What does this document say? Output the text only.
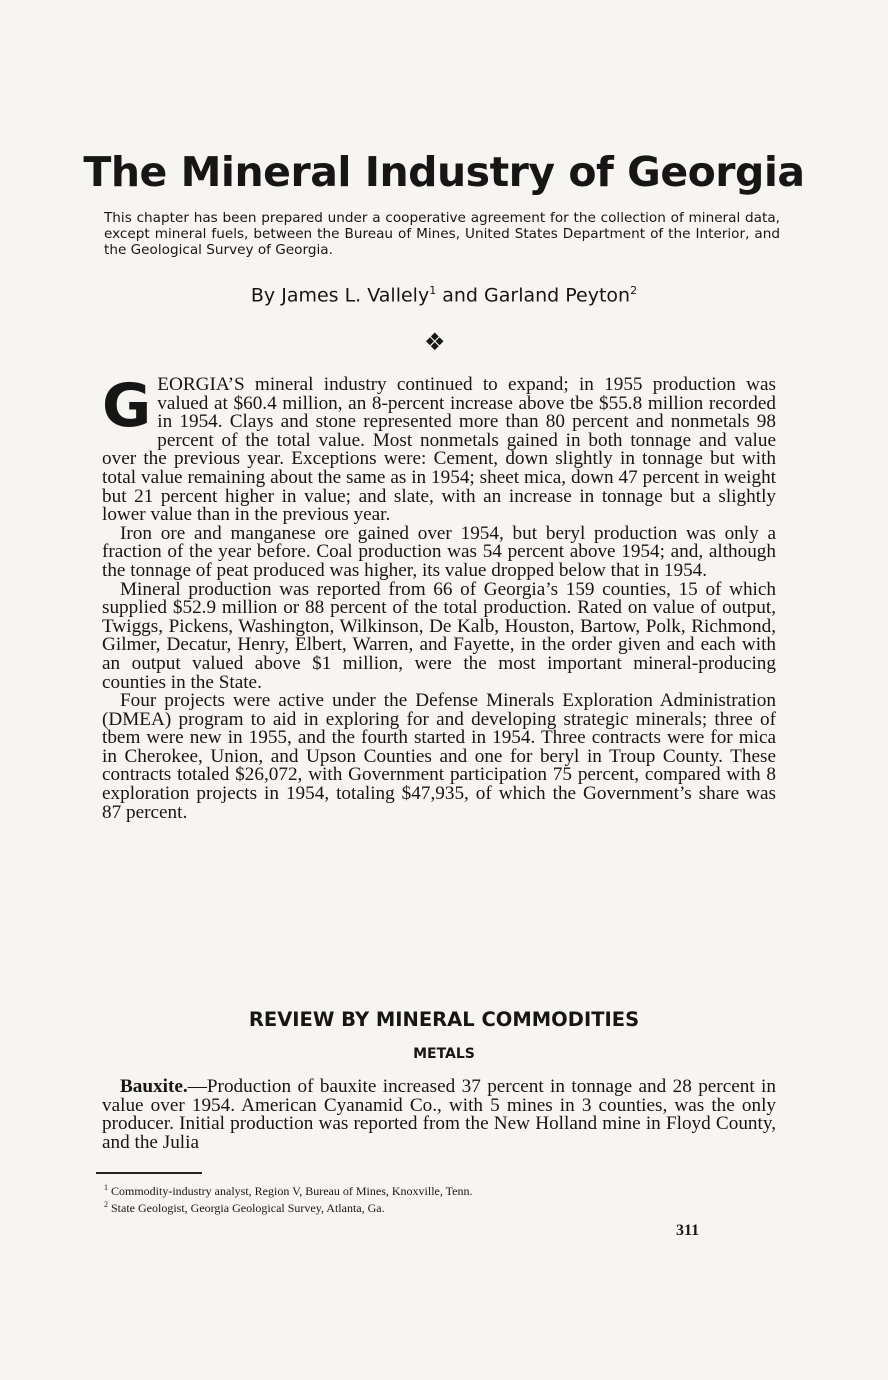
The Mineral Industry of Georgia

This chapter has been prepared under a cooperative agreement for the collection of mineral data, except mineral fuels, between the Bureau of Mines, United States Department of the Interior, and the Geological Survey of Georgia.

By James L. Vallely$^1$ and Garland Peyton$^2$

❖

GEORGIA’S mineral industry continued to expand; in 1955 production was valued at $60.4 million, an 8-percent increase above tbe $55.8 million recorded in 1954. Clays and stone represented more than 80 percent and nonmetals 98 percent of the total value. Most nonmetals gained in both tonnage and value over the previous year. Exceptions were: Cement, down slightly in tonnage but with total value remaining about the same as in 1954; sheet mica, down 47 percent in weight but 21 percent higher in value; and slate, with an increase in tonnage but a slightly lower value than in the previous year.

Iron ore and manganese ore gained over 1954, but beryl production was only a fraction of the year before. Coal production was 54 percent above 1954; and, although the tonnage of peat produced was higher, its value dropped below that in 1954.

Mineral production was reported from 66 of Georgia’s 159 counties, 15 of which supplied $52.9 million or 88 percent of the total production. Rated on value of output, Twiggs, Pickens, Washington, Wilkinson, De Kalb, Houston, Bartow, Polk, Richmond, Gilmer, Decatur, Henry, Elbert, Warren, and Fayette, in the order given and each with an output valued above $1 million, were the most important mineral-producing counties in the State.

Four projects were active under the Defense Minerals Exploration Administration (DMEA) program to aid in exploring for and developing strategic minerals; three of tbem were new in 1955, and the fourth started in 1954. Three contracts were for mica in Cherokee, Union, and Upson Counties and one for beryl in Troup County. These contracts totaled $26,072, with Government participation 75 percent, compared with 8 exploration projects in 1954, totaling $47,935, of which the Government’s share was 87 percent.

REVIEW BY MINERAL COMMODITIES
METALS

Bauxite.—Production of bauxite increased 37 percent in tonnage and 28 percent in value over 1954. American Cyanamid Co., with 5 mines in 3 counties, was the only producer. Initial production was reported from the New Holland mine in Floyd County, and the Julia

$^1$ Commodity-industry analyst, Region V, Bureau of Mines, Knoxville, Tenn.
$^2$ State Geologist, Georgia Geological Survey, Atlanta, Ga.
311
